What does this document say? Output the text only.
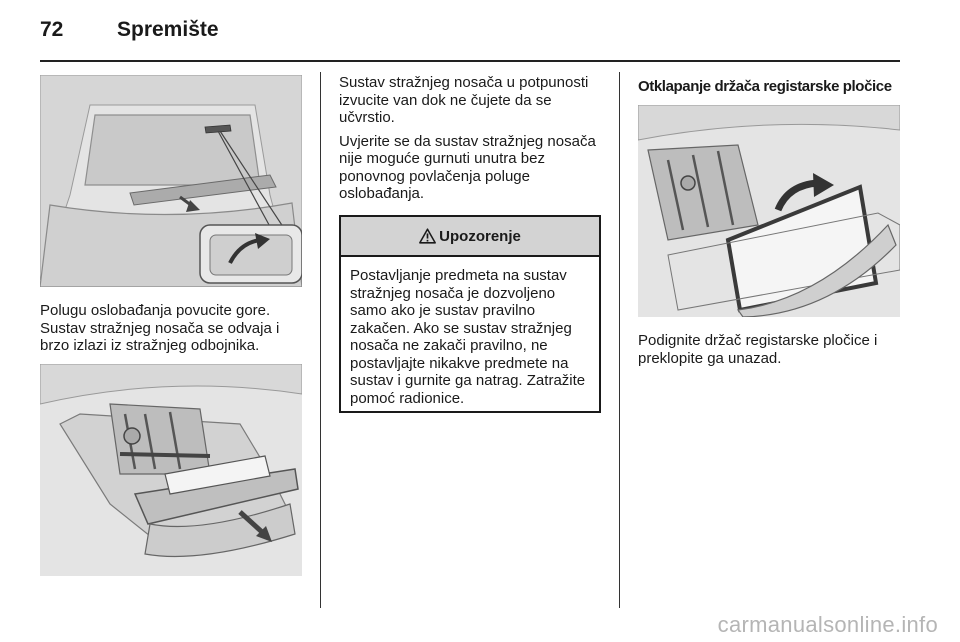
72	Spremište

Polugu oslobađanja povucite gore. Sustav stražnjeg nosača se odvaja i brzo izlazi iz stražnjeg odbojnika.

Sustav stražnjeg nosača u potpunosti izvucite van dok ne čujete da se učvrstio.

Uvjerite se da sustav stražnjeg nosača nije moguće gurnuti unutra bez ponovnog povlačenja poluge oslobađanja.

Upozorenje
Postavljanje predmeta na sustav stražnjeg nosača je dozvoljeno samo ako je sustav pravilno zakačen. Ako se sustav stražnjeg nosača ne zakači pravilno, ne postavljajte nikakve predmete na sustav i gurnite ga natrag. Zatražite pomoć radionice.
Otklapanje držača registarske pločice

Podignite držač registarske pločice i preklopite ga unazad.

carmanualsonline.info
